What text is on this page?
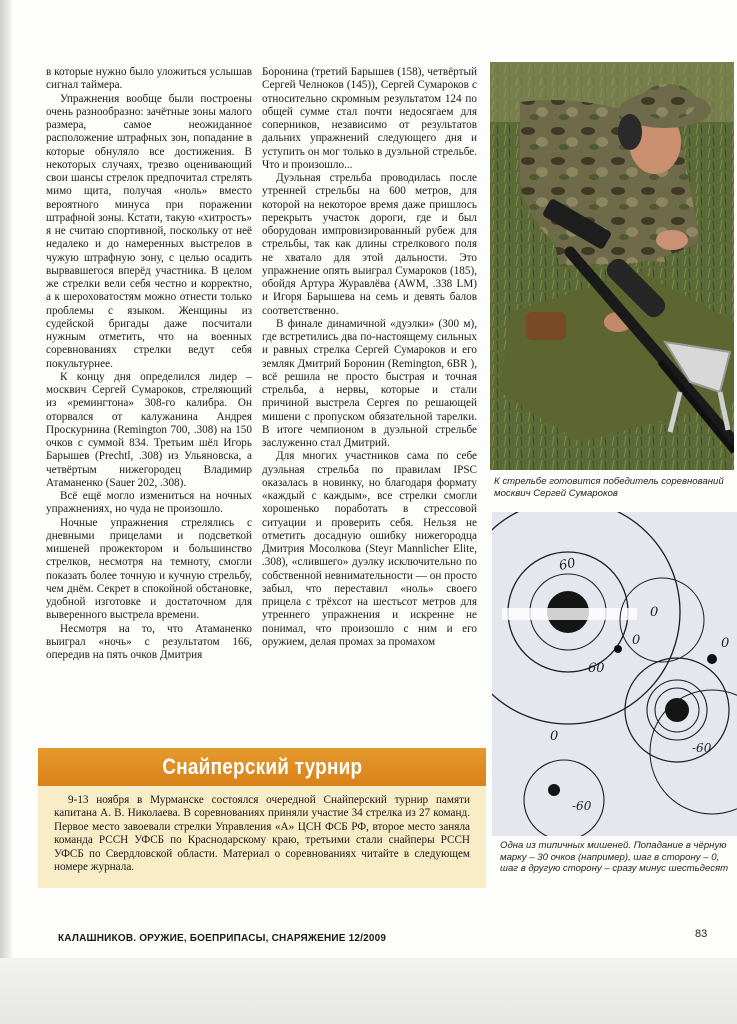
в которые нужно было уложиться услышав сигнал таймера.

Упражнения вообще были построены очень разнообразно: зачётные зоны малого размера, самое неожиданное расположение штрафных зон, попадание в которые обнуляло все достижения. В некоторых случаях, трезво оценивающий свои шансы стрелок предпочитал стрелять мимо щита, получая «ноль» вместо вероятного минуса при поражении штрафной зоны. Кстати, такую «хитрость» я не считаю спортивной, поскольку от неё недалеко и до намеренных выстрелов в чужую штрафную зону, с целью осадить вырвавшегося вперёд участника. В целом же стрелки вели себя честно и корректно, а к шероховатостям можно отнести только проблемы с языком. Женщины из судейской бригады даже посчитали нужным отметить, что на военных соревнованиях стрелки ведут себя покультурнее.

К концу дня определился лидер – москвич Сергей Сумароков, стреляющий из «ремингтона» 308-го калибра. Он оторвался от калужанина Андрея Проскурнина (Remington 700, .308) на 150 очков с суммой 834. Третьим шёл Игорь Барышев (Prechtl, .308) из Ульяновска, а четвёртым нижегородец Владимир Атаманенко (Sauer 202, .308).

Всё ещё могло измениться на ночных упражнениях, но чуда не произошло.

Ночные упражнения стрелялись с дневными прицелами и подсветкой мишеней прожектором и большинство стрелков, несмотря на темноту, смогли показать более точную и кучную стрельбу, чем днём. Секрет в спокойной обстановке, удобной изготовке и достаточном для выверенного выстрела времени.

Несмотря на то, что Атаманенко выиграл «ночь» с результатом 166, опередив на пять очков Дмитрия

Боронина (третий Барышев (158), четвёртый Сергей Челноков (145)), Сергей Сумароков с относительно скромным результатом 124 по общей сумме стал почти недосягаем для соперников, независимо от результатов дальних упражнений следующего дня и уступить он мог только в дуэльной стрельбе. Что и произошло...

Дуэльная стрельба проводилась после утренней стрельбы на 600 метров, для которой на некоторое время даже пришлось перекрыть участок дороги, где и был оборудован импровизированный рубеж для стрельбы, так как длины стрелкового поля не хватало для этой дальности. Это упражнение опять выиграл Сумароков (185), обойдя Артура Журавлёва (AWM, .338 LM) и Игоря Барышева на семь и девять балов соответственно.

В финале динамичной «дуэлки» (300 м), где встретились два по-настоящему сильных и равных стрелка Сергей Сумароков и его земляк Дмитрий Боронин (Remington, 6BR ), всё решила не просто быстрая и точная стрельба, а нервы, которые и стали причиной выстрела Сергея по решающей мишени с пропуском обязательной тарелки. В итоге чемпионом в дуэльной стрельбе заслуженно стал Дмитрий.

Для многих участников сама по себе дуэльная стрельба по правилам IPSC оказалась в новинку, но благодаря формату «каждый с каждым», все стрелки смогли хорошенько поработать в стрессовой ситуации и проверить себя. Нельзя не отметить досадную ошибку нижегородца Дмитрия Мосолкова (Steyr Mannlicher Elite, .308), «слившего» дуэлку исключительно по собственной невнимательности — он просто забыл, что переставил «ноль» своего прицела с трёхсот на шестьсот метров для утреннего упражнения и искренне не понимал, что произошло с ним и его оружием, делая промах за промахом

К стрельбе готовится победитель соревнований москвич Сергей Сумароков
60
60
0
0	0
0
-60
-60
Одна из типичных мишеней. Попадание в чёрную марку – 30 очков (например), шаг в сторону – 0, шаг в другую сторону – сразу минус шестьдесят
Снайперский турнир
9-13 ноября в Мурманске состоялся очередной Снайперский турнир памяти капитана А. В. Николаева. В соревнованиях приняли участие 34 стрелка из 27 команд. Первое место завоевали стрелки Управления «А» ЦСН ФСБ РФ, второе место заняла команда РССН УФСБ по Краснодарскому краю, третьими стали снайперы РССН УФСБ по Свердловской области. Материал о соревнованиях читайте в следующем номере журнала.
КАЛАШНИКОВ. ОРУЖИЕ, БОЕПРИПАСЫ, СНАРЯЖЕНИЕ 12/2009	83
